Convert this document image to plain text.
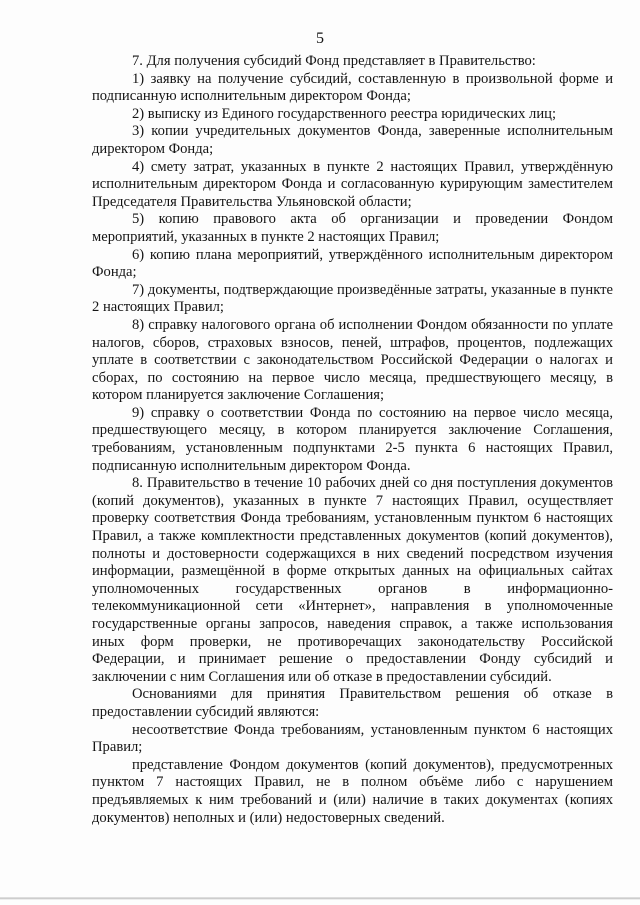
5

7. Для получения субсидий Фонд представляет в Правительство:

1) заявку на получение субсидий, составленную в произвольной форме и подписанную исполнительным директором Фонда;

2) выписку из Единого государственного реестра юридических лиц;

3) копии учредительных документов Фонда, заверенные исполнительным директором Фонда;

4) смету затрат, указанных в пункте 2 настоящих Правил, утверждённую исполнительным директором Фонда и согласованную курирующим заместителем Председателя Правительства Ульяновской области;

5) копию правового акта об организации и проведении Фондом мероприятий, указанных в пункте 2 настоящих Правил;

6) копию плана мероприятий, утверждённого исполнительным директором Фонда;

7) документы, подтверждающие произведённые затраты, указанные в пункте 2 настоящих Правил;

8) справку налогового органа об исполнении Фондом обязанности по уплате налогов, сборов, страховых взносов, пеней, штрафов, процентов, подлежащих уплате в соответствии с законодательством Российской Федерации о налогах и сборах, по состоянию на первое число месяца, предшествующего месяцу, в котором планируется заключение Соглашения;

9) справку о соответствии Фонда по состоянию на первое число месяца, предшествующего месяцу, в котором планируется заключение Соглашения, требованиям, установленным подпунктами 2-5 пункта 6 настоящих Правил, подписанную исполнительным директором Фонда.

8. Правительство в течение 10 рабочих дней со дня поступления документов (копий документов), указанных в пункте 7 настоящих Правил, осуществляет проверку соответствия Фонда требованиям, установленным пунктом 6 настоящих Правил, а также комплектности представленных документов (копий документов), полноты и достоверности содержащихся в них сведений посредством изучения информации, размещённой в форме открытых данных на официальных сайтах уполномоченных государственных органов в информационно-телекоммуникационной сети «Интернет», направления в уполномоченные государственные органы запросов, наведения справок, а также использования иных форм проверки, не противоречащих законодательству Российской Федерации, и принимает решение о предоставлении Фонду субсидий и заключении с ним Соглашения или об отказе в предоставлении субсидий.

Основаниями для принятия Правительством решения об отказе в предоставлении субсидий являются:

несоответствие Фонда требованиям, установленным пунктом 6 настоящих Правил;

представление Фондом документов (копий документов), предусмотренных пунктом 7 настоящих Правил, не в полном объёме либо с нарушением предъявляемых к ним требований и (или) наличие в таких документах (копиях документов) неполных и (или) недостоверных сведений.
